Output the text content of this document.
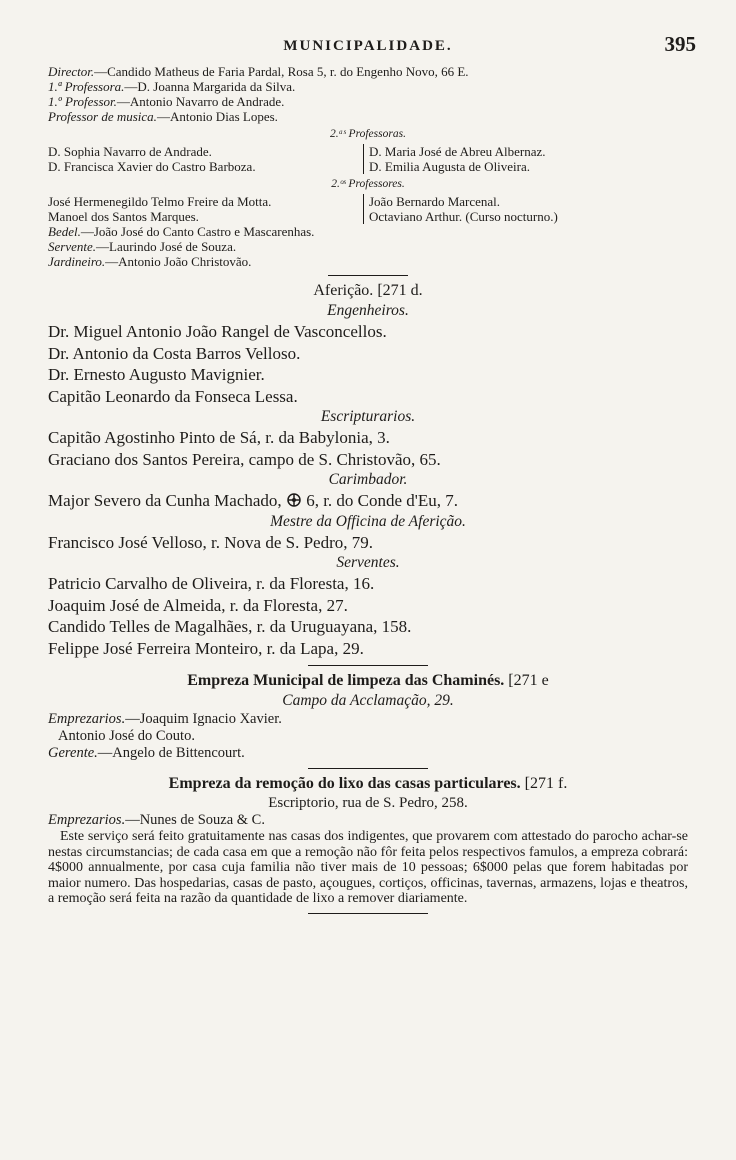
MUNICIPALIDADE.	395
Director.—Candido Matheus de Faria Pardal, Rosa 5, r. do Engenho Novo, 66 E.
1.ª Professora.—D. Joanna Margarida da Silva.
1.º Professor.—Antonio Navarro de Andrade.
Professor de musica.—Antonio Dias Lopes.
2.ᵃˢ Professoras.
D. Sophia Navarro de Andrade.
D. Francisca Xavier do Castro Barboza.
D. Maria José de Abreu Albernaz.
D. Emilia Augusta de Oliveira.
2.ᵒˢ Professores.
José Hermenegildo Telmo Freire da Motta.
Manoel dos Santos Marques.
João Bernardo Marcenal.
Octaviano Arthur. (Curso nocturno.)
Bedel.—João José do Canto Castro e Mascarenhas.
Servente.—Laurindo José de Souza.
Jardineiro.—Antonio João Christovão.
Aferição. [271 d.
Engenheiros.
Dr. Miguel Antonio João Rangel de Vasconcellos.
Dr. Antonio da Costa Barros Velloso.
Dr. Ernesto Augusto Mavignier.
Capitão Leonardo da Fonseca Lessa.
Escripturarios.
Capitão Agostinho Pinto de Sá, r. da Babylonia, 3.
Graciano dos Santos Pereira, campo de S. Christovão, 65.
Carimbador.
Major Severo da Cunha Machado, 6, r. do Conde d'Eu, 7.
Mestre da Officina de Aferição.
Francisco José Velloso, r. Nova de S. Pedro, 79.
Serventes.
Patricio Carvalho de Oliveira, r. da Floresta, 16.
Joaquim José de Almeida, r. da Floresta, 27.
Candido Telles de Magalhães, r. da Uruguayana, 158.
Felippe José Ferreira Monteiro, r. da Lapa, 29.
Empreza Municipal de limpeza das Chaminés. [271 e
Campo da Acclamação, 29.
Emprezarios.—Joaquim Ignacio Xavier.
Antonio José do Couto.
Gerente.—Angelo de Bittencourt.
Empreza da remoção do lixo das casas particulares. [271 f.
Escriptorio, rua de S. Pedro, 258.
Emprezarios.—Nunes de Souza & C.
Este serviço será feito gratuitamente nas casas dos indigentes, que provarem com attestado do parocho achar-se nestas circumstancias; de cada casa em que a remoção não fôr feita pelos respectivos famulos, a empreza cobrará: 4$000 annualmente, por casa cuja familia não tiver mais de 10 pessoas; 6$000 pelas que forem habitadas por maior numero. Das hospedarias, casas de pasto, açougues, cortiços, officinas, tavernas, armazens, lojas e theatros, a remoção será feita na razão da quantidade de lixo a remover diariamente.
